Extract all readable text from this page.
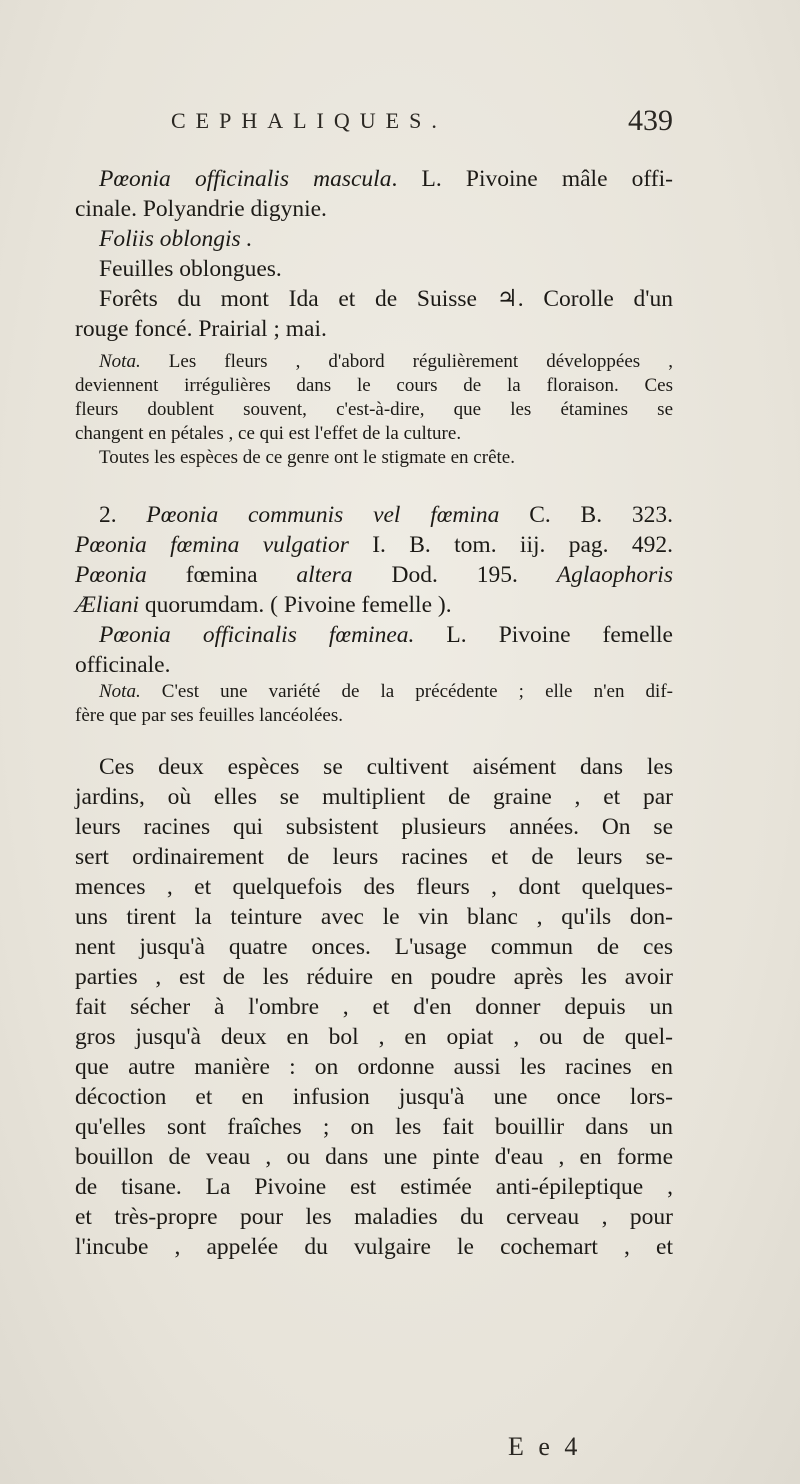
CEPHALIQUES.	439
Pœonia officinalis mascula. L. Pivoine mâle offi-
cinale. Polyandrie digynie.
Foliis oblongis .
Feuilles oblongues.
Forêts du mont Ida et de Suisse ♃. Corolle d'un
rouge foncé. Prairial ; mai.
Nota. Les fleurs , d'abord régulièrement développées ,
deviennent irrégulières dans le cours de la floraison. Ces
fleurs doublent souvent, c'est-à-dire, que les étamines se
changent en pétales , ce qui est l'effet de la culture.
Toutes les espèces de ce genre ont le stigmate en crête.
2. Pœonia communis vel fœmina C. B. 323.
Pœonia fœmina vulgatior I. B. tom. iij. pag. 492.
Pœonia fœmina altera Dod. 195. Aglaophoris
Æliani quorumdam. ( Pivoine femelle ).
Pœonia officinalis fœminea. L. Pivoine femelle
officinale.
Nota. C'est une variété de la précédente ; elle n'en dif-
fère que par ses feuilles lancéolées.
Ces deux espèces se cultivent aisément dans les
jardins, où elles se multiplient de graine , et par
leurs racines qui subsistent plusieurs années. On se
sert ordinairement de leurs racines et de leurs se-
mences , et quelquefois des fleurs , dont quelques-
uns tirent la teinture avec le vin blanc , qu'ils don-
nent jusqu'à quatre onces. L'usage commun de ces
parties , est de les réduire en poudre après les avoir
fait sécher à l'ombre , et d'en donner depuis un
gros jusqu'à deux en bol , en opiat , ou de quel-
que autre manière : on ordonne aussi les racines en
décoction et en infusion jusqu'à une once lors-
qu'elles sont fraîches ; on les fait bouillir dans un
bouillon de veau , ou dans une pinte d'eau , en forme
de tisane. La Pivoine est estimée anti-épileptique ,
et très-propre pour les maladies du cerveau , pour
l'incube , appelée du vulgaire le cochemart , et
E e 4
